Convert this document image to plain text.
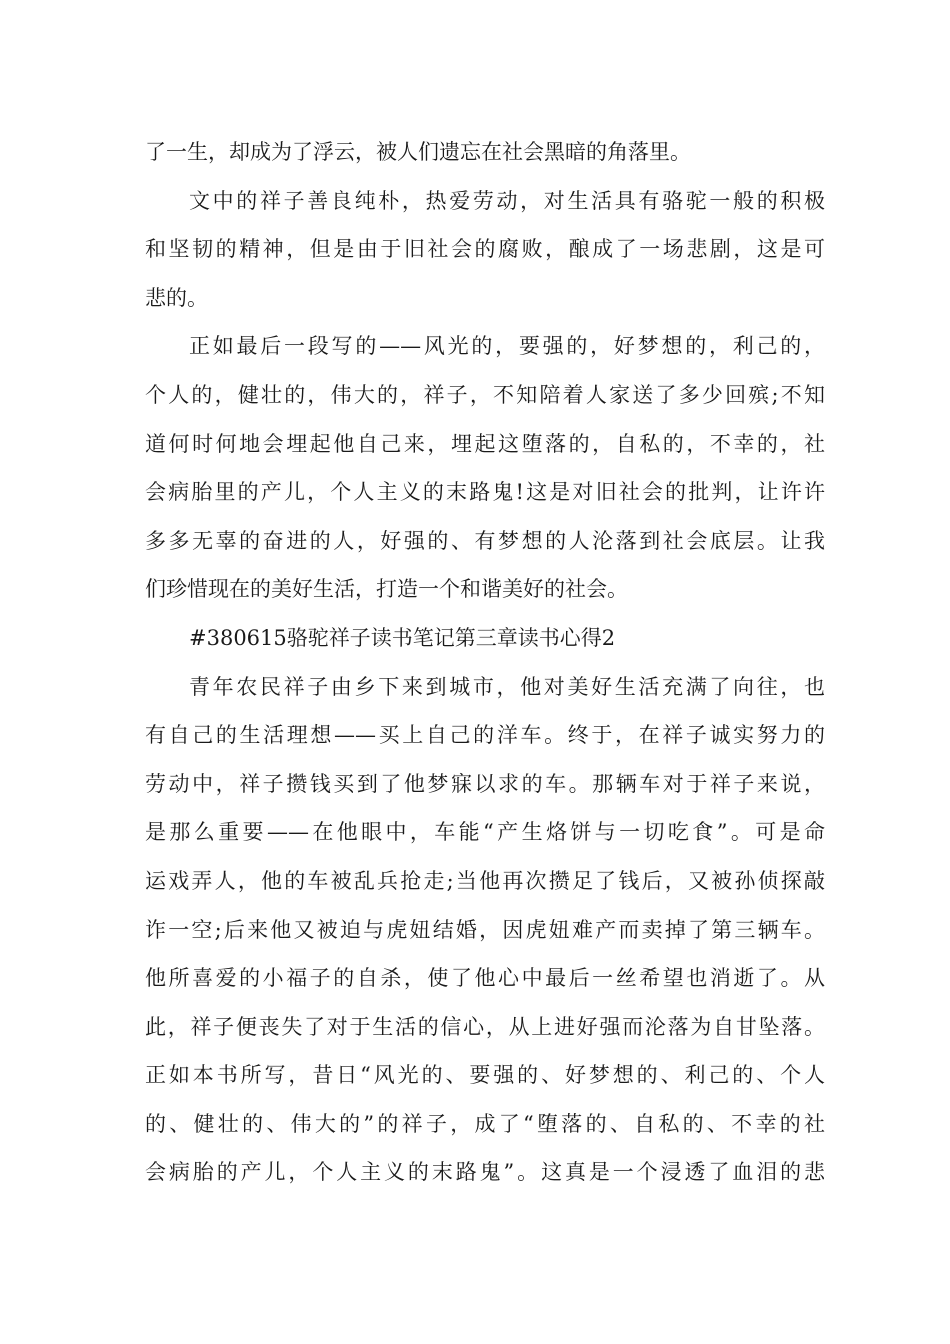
了一生，却成为了浮云，被人们遗忘在社会黑暗的角落里。
文中的祥子善良纯朴，热爱劳动，对生活具有骆驼一般的积极
和坚韧的精神，但是由于旧社会的腐败，酿成了一场悲剧，这是可
悲的。
正如最后一段写的——风光的，要强的，好梦想的，利己的，
个人的，健壮的，伟大的，祥子，不知陪着人家送了多少回殡;不知
道何时何地会埋起他自己来，埋起这堕落的，自私的，不幸的，社
会病胎里的产儿，个人主义的末路鬼!这是对旧社会的批判，让许许
多多无辜的奋进的人，好强的、有梦想的人沦落到社会底层。让我
们珍惜现在的美好生活，打造一个和谐美好的社会。
#380615骆驼祥子读书笔记第三章读书心得2
青年农民祥子由乡下来到城市，他对美好生活充满了向往，也
有自己的生活理想——买上自己的洋车。终于，在祥子诚实努力的
劳动中，祥子攒钱买到了他梦寐以求的车。那辆车对于祥子来说，
是那么重要——在他眼中，车能“产生烙饼与一切吃食”。可是命
运戏弄人，他的车被乱兵抢走;当他再次攒足了钱后，又被孙侦探敲
诈一空;后来他又被迫与虎妞结婚，因虎妞难产而卖掉了第三辆车。
他所喜爱的小福子的自杀，使了他心中最后一丝希望也消逝了。从
此，祥子便丧失了对于生活的信心，从上进好强而沦落为自甘坠落。
正如本书所写，昔日“风光的、要强的、好梦想的、利己的、个人
的、健壮的、伟大的”的祥子，成了“堕落的、自私的、不幸的社
会病胎的产儿，个人主义的末路鬼”。这真是一个浸透了血泪的悲
